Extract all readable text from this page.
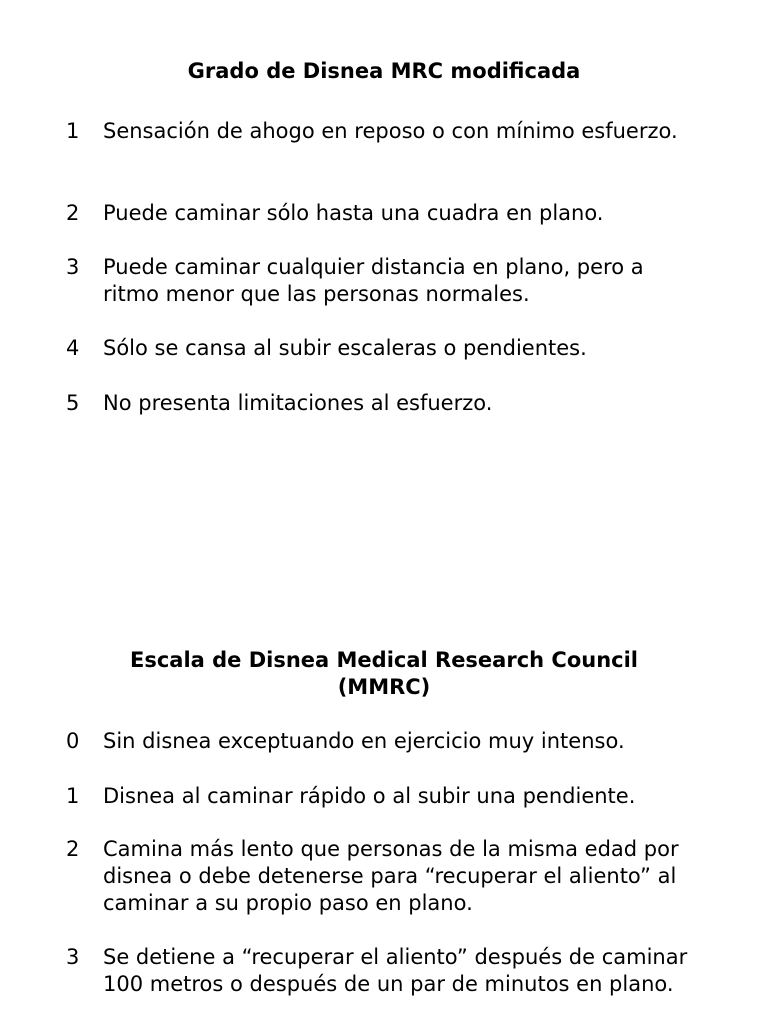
Grado de Disnea MRC modificada
1	Sensación de ahogo en reposo o con mínimo esfuerzo.
2	Puede caminar sólo hasta una cuadra en plano.
3	Puede caminar cualquier distancia en plano, pero a ritmo menor que las personas normales.
4	Sólo se cansa al subir escaleras o pendientes.
5	No presenta limitaciones al esfuerzo.
Escala de Disnea Medical Research Council (MMRC)
0	Sin disnea exceptuando en ejercicio muy intenso.
1	Disnea al caminar rápido o al subir una pendiente.
2	Camina más lento que personas de la misma edad por disnea o debe detenerse para “recuperar el aliento” al caminar a su propio paso en plano.
3	Se detiene a “recuperar el aliento” después de caminar 100 metros o después de un par de minutos en plano.
